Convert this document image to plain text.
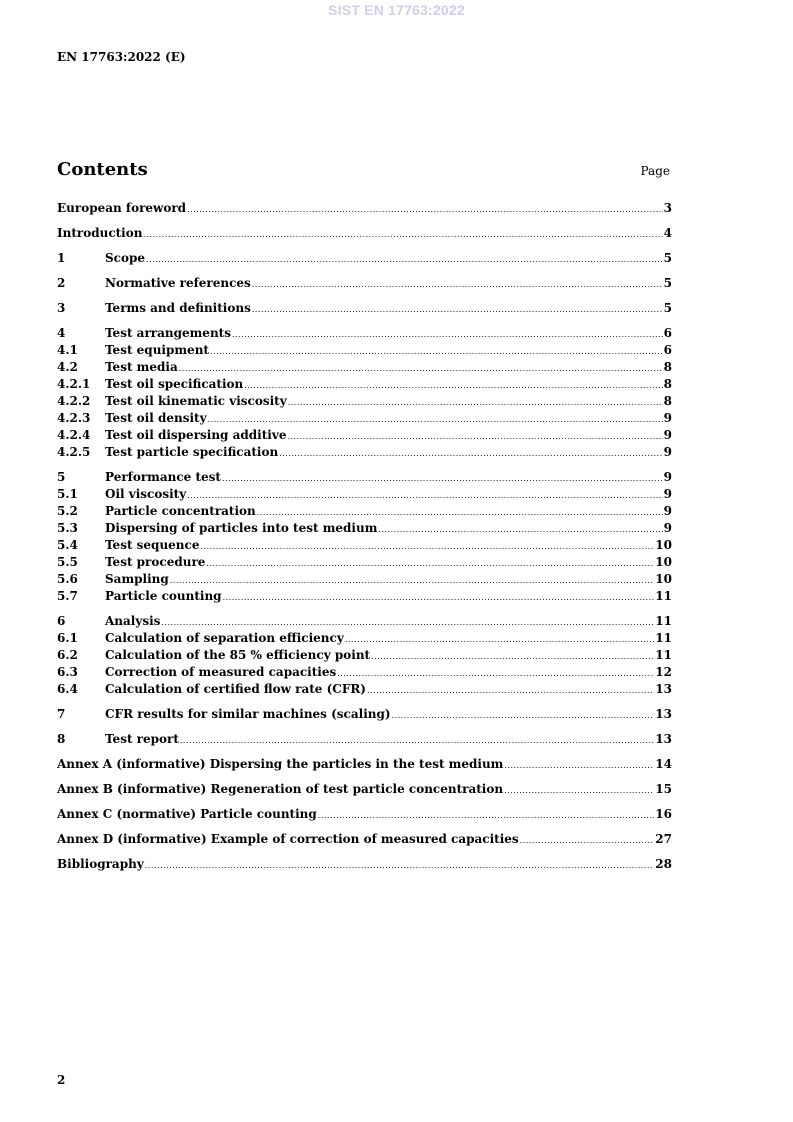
SIST EN 17763:2022
EN 17763:2022 (E)
Contents	Page
European foreword .....	3
Introduction .....	4
1	Scope .....	5
2	Normative references .....	5
3	Terms and definitions .....	5
4	Test arrangements .....	6
4.1	Test equipment .....	6
4.2	Test media .....	8
4.2.1	Test oil specification .....	8
4.2.2	Test oil kinematic viscosity .....	8
4.2.3	Test oil density .....	9
4.2.4	Test oil dispersing additive .....	9
4.2.5	Test particle specification .....	9
5	Performance test .....	9
5.1	Oil viscosity .....	9
5.2	Particle concentration .....	9
5.3	Dispersing of particles into test medium .....	9
5.4	Test sequence .....	10
5.5	Test procedure .....	10
5.6	Sampling .....	10
5.7	Particle counting .....	11
6	Analysis .....	11
6.1	Calculation of separation efficiency .....	11
6.2	Calculation of the 85 % efficiency point .....	11
6.3	Correction of measured capacities .....	12
6.4	Calculation of certified flow rate (CFR) .....	13
7	CFR results for similar machines (scaling) .....	13
8	Test report .....	13
Annex A (informative) Dispersing the particles in the test medium .....	14
Annex B (informative) Regeneration of test particle concentration .....	15
Annex C (normative) Particle counting .....	16
Annex D (informative) Example of correction of measured capacities .....	27
Bibliography .....	28
2
